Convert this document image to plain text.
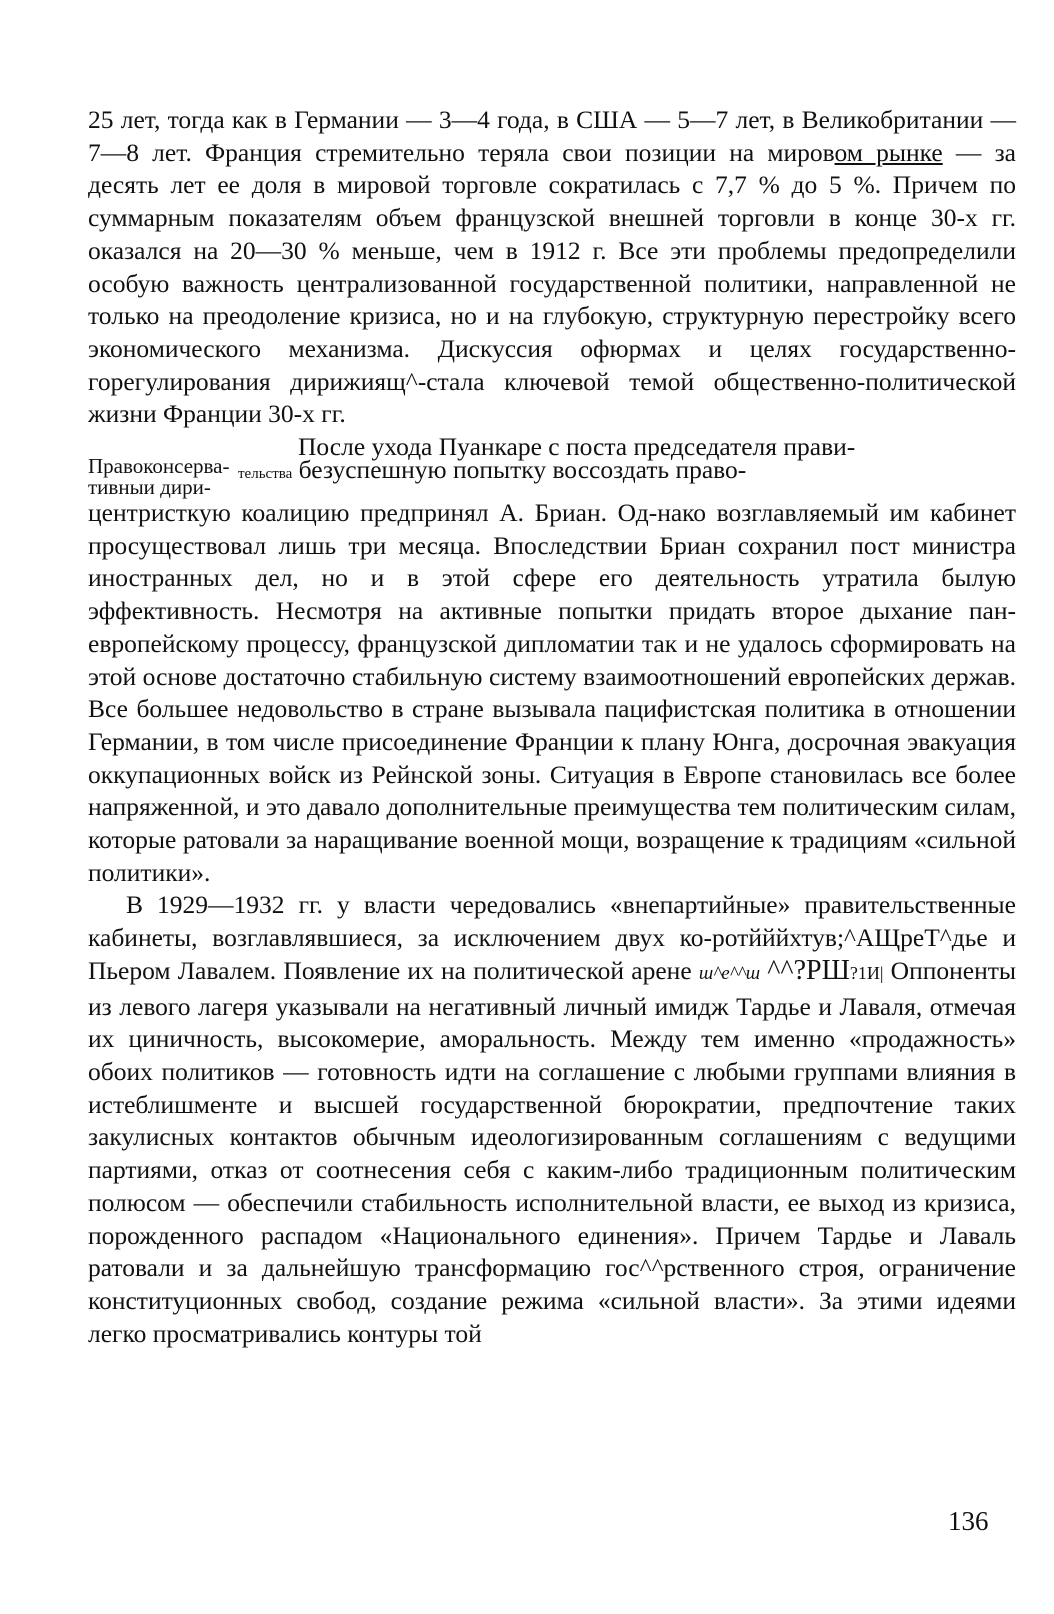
25 лет, тогда как в Германии — 3—4 года, в США — 5—7 лет, в Великобритании — 7—8 лет. Франция стремительно теряла свои позиции на мировом рынке — за десять лет ее доля в мировой торговле сократилась с 7,7 % до 5 %. Причем по суммарным показателям объем французской внешней торговли в конце 30-х гг. оказался на 20—30 % меньше, чем в 1912 г. Все эти проблемы предопределили особую важность централизованной государственной политики, направленной не только на преодоление кризиса, но и на глубокую, структурную перестройку всего экономического механизма. Дискуссия офюрмах и целях государственно-горегулирования дирижиящ^-стала ключевой темой общественно-политической жизни Франции 30-х гг.

После ухода Пуанкаре с поста председателя прави-
тельства безуспешную попытку воссоздать право-
Правоконсерва-
тивныи дири-

центристкую коалицию предпринял А. Бриан. Од-нако возглавляемый им кабинет просуществовал лишь три месяца. Впоследствии Бриан сохранил пост министра иностранных дел, но и в этой сфере его деятельность утратила былую эффективность. Несмотря на активные попытки придать второе дыхание пан-европейскому процессу, французской дипломатии так и не удалось сформировать на этой основе достаточно стабильную систему взаимоотношений европейских держав. Все большее недовольство в стране вызывала пацифистская политика в отношении Германии, в том числе присоединение Франции к плану Юнга, досрочная эвакуация оккупационных войск из Рейнской зоны. Ситуация в Европе становилась все более напряженной, и это давало дополнительные преимущества тем политическим силам, которые ратовали за наращивание военной мощи, возращение к традициям «сильной политики».

В 1929—1932 гг. у власти чередовались «внепартийные» правительственные кабинеты, возглавлявшиеся, за исключением двух ко-ротйййхтув;^АЩреТ^дье и Пьером Лавалем. Появление их на политической арене ш^е^^ш ^^?РШ?1И| Оппоненты из левого лагеря указывали на негативный личный имидж Тардье и Лаваля, отмечая их циничность, высокомерие, аморальность. Между тем именно «продажность» обоих политиков — готовность идти на соглашение с любыми группами влияния в истеблишменте и высшей государственной бюрократии, предпочтение таких закулисных контактов обычным идеологизированным соглашениям с ведущими партиями, отказ от соотнесения себя с каким-либо традиционным политическим полюсом — обеспечили стабильность исполнительной власти, ее выход из кризиса, порожденного распадом «Национального единения». Причем Тардье и Лаваль ратовали и за дальнейшую трансформацию гос^^рственного строя, ограничение конституционных свобод, создание режима «сильной власти». За этими идеями легко просматривались контуры той

136
